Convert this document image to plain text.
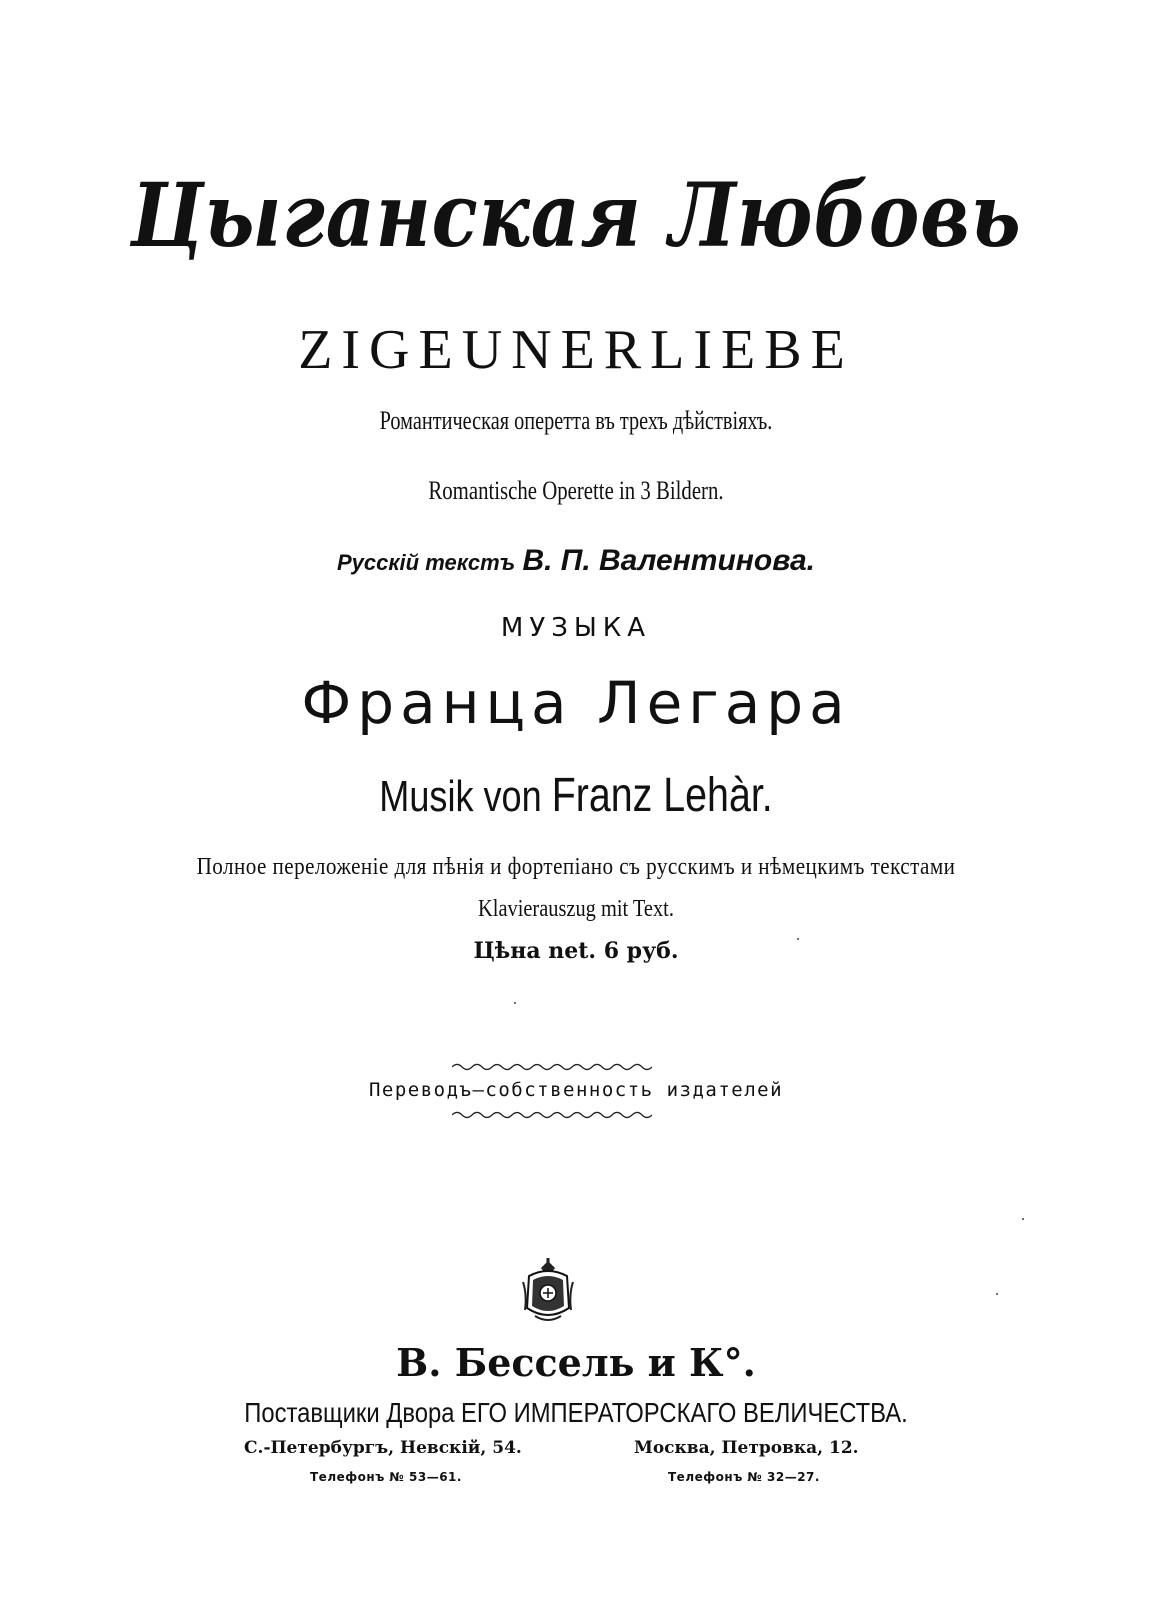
Цыганская Любовь
ZIGEUNERLIEBE
Романтическая оперетта въ трехъ дѣйствiяхъ.
Romantische Operette in 3 Bildern.
Русскiй текстъ В. П. Валентинова.
МУЗЫКА
Франца Легара
Musik von Franz Lehàr.
Полное переложенiе для пѣнiя и фортепiано съ русскимъ и нѣмецкимъ текстами
Klavierauszug mit Text.
Цѣна net. 6 руб.
Переводъ—собственность издателей
В. Бессель и К°.
Поставщики Двора ЕГО ИМПЕРАТОРСКАГО ВЕЛИЧЕСТВА.
С.-Петербургъ, Невскiй, 54.	Москва, Петровка, 12.
Телефонъ № 53—61.	Телефонъ № 32—27.
